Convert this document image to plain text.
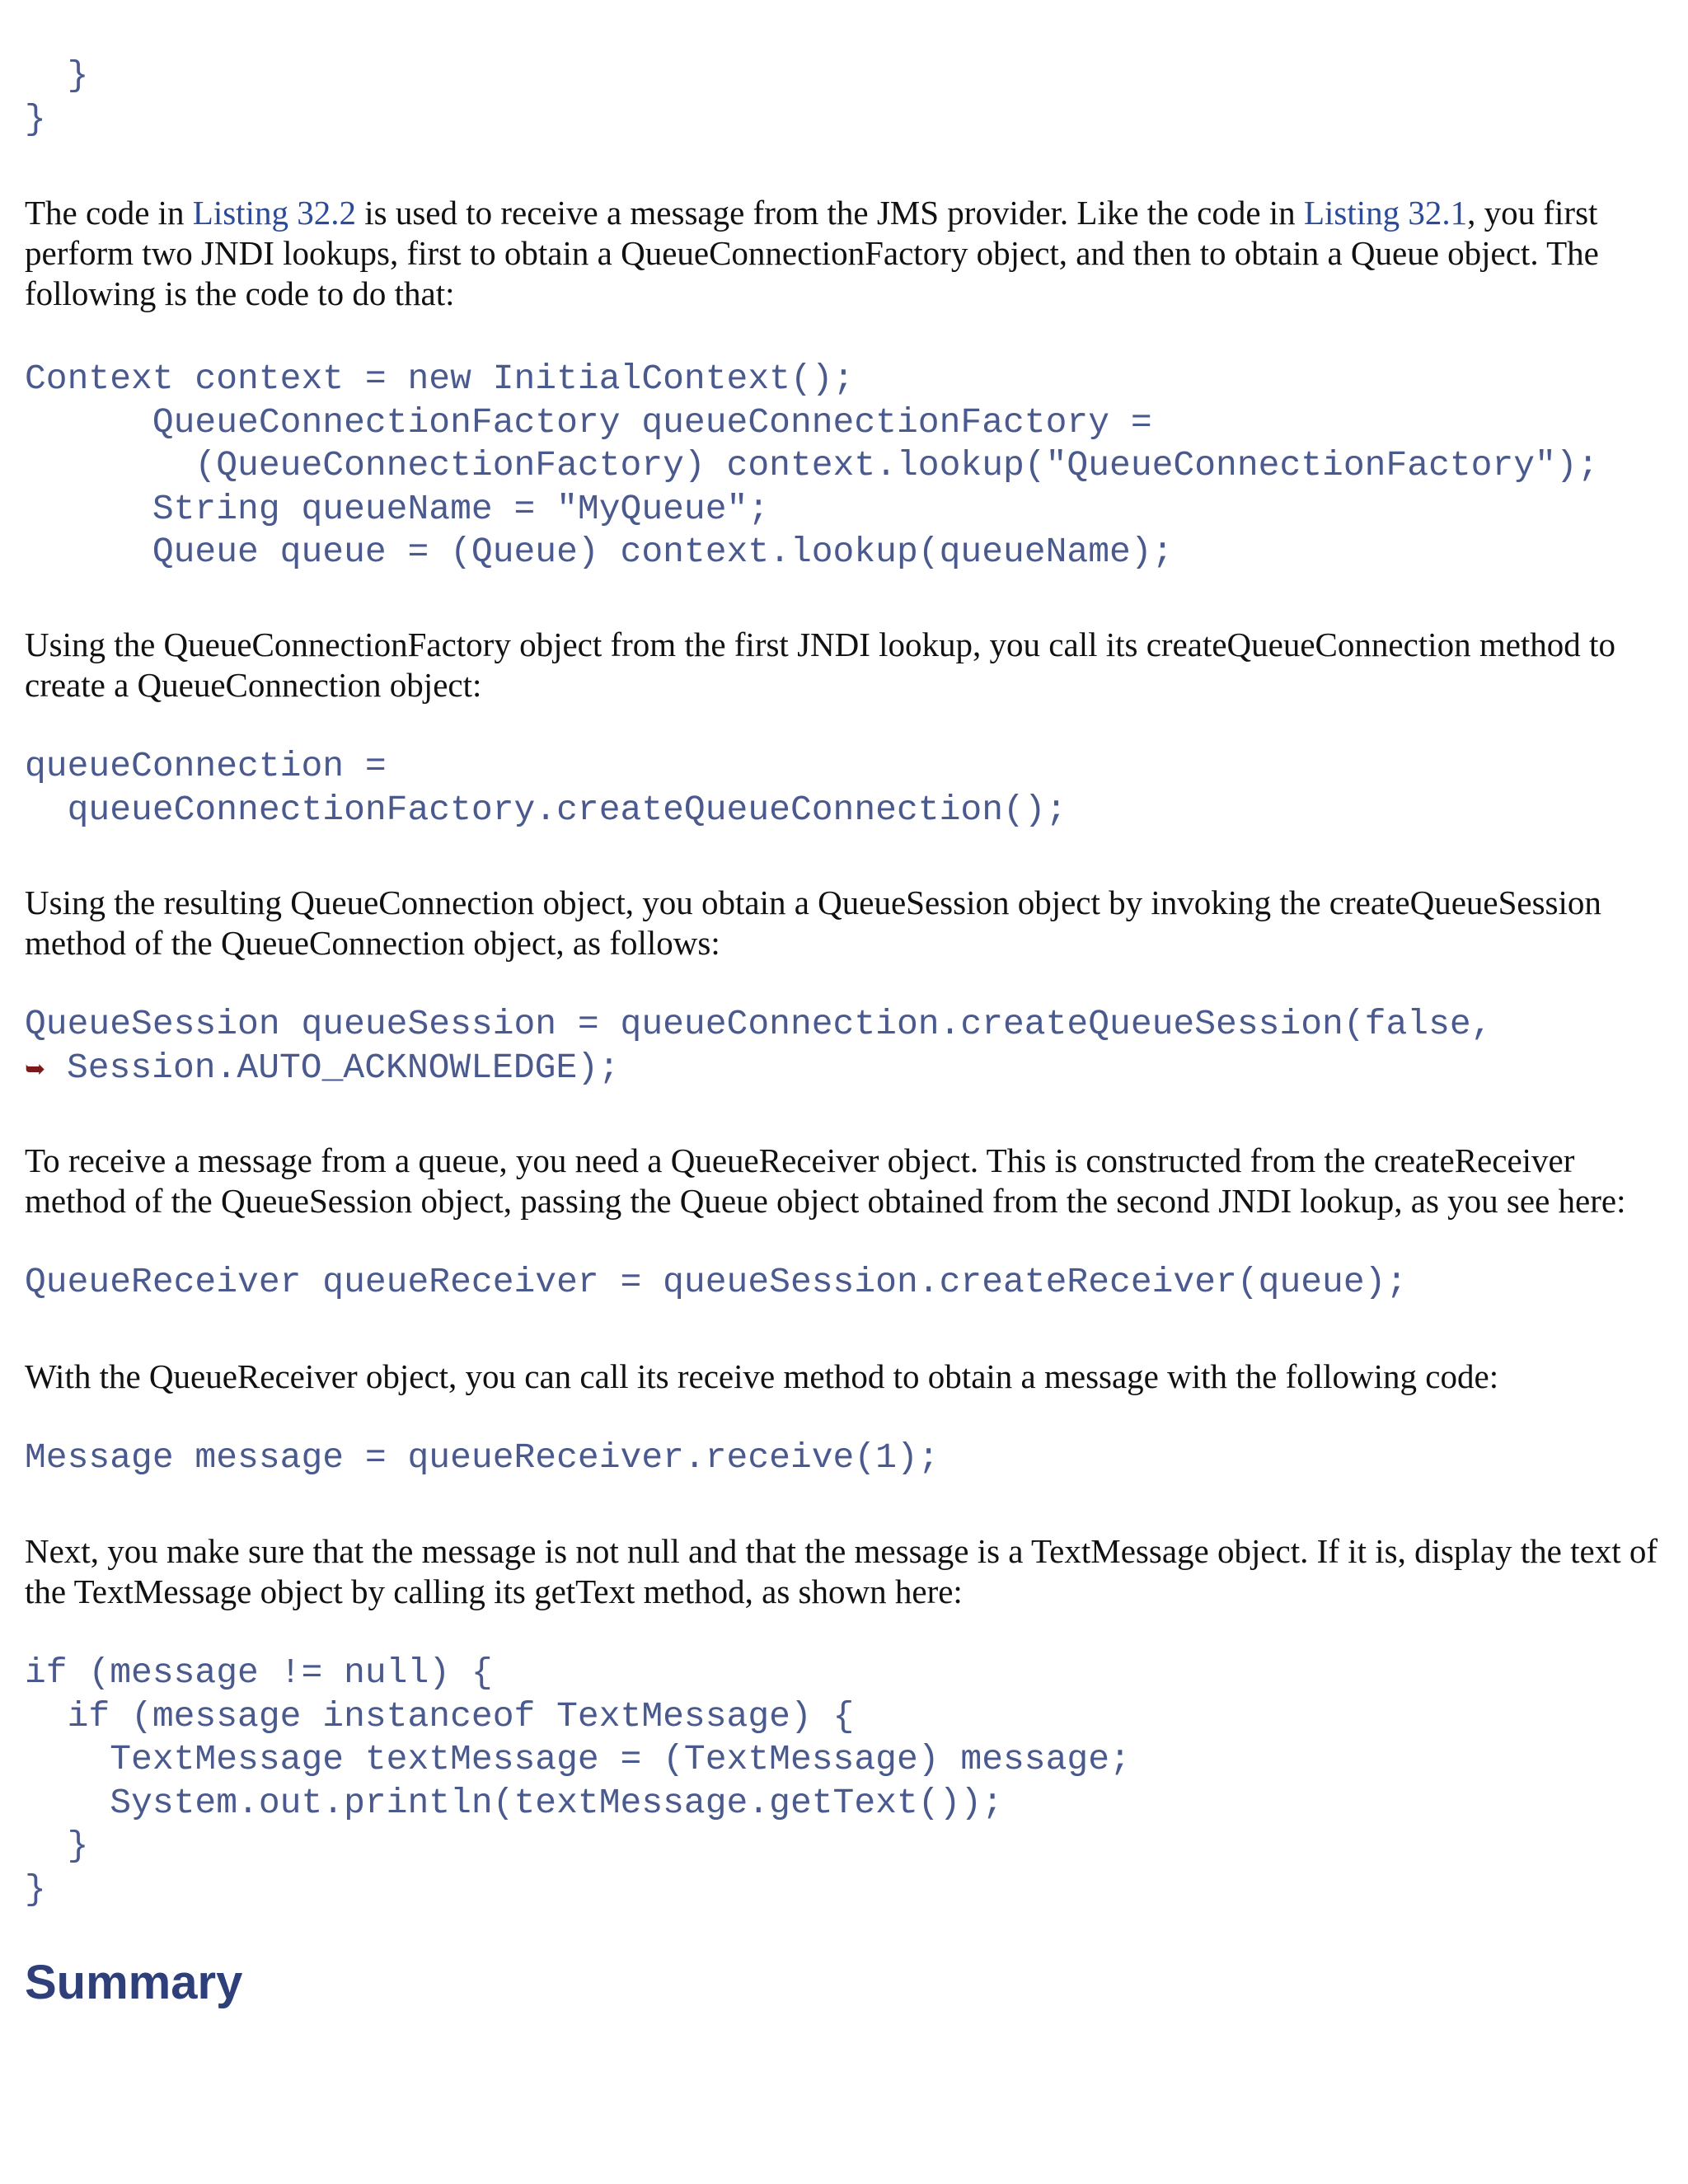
}
}

The code in Listing 32.2 is used to receive a message from the JMS provider. Like the code in Listing 32.1, you first perform two JNDI lookups, first to obtain a QueueConnectionFactory object, and then to obtain a Queue object. The following is the code to do that:

Context context = new InitialContext();
QueueConnectionFactory queueConnectionFactory =
(QueueConnectionFactory) context.lookup("QueueConnectionFactory");
String queueName = "MyQueue";
Queue queue = (Queue) context.lookup(queueName);

Using the QueueConnectionFactory object from the first JNDI lookup, you call its createQueueConnection method to create a QueueConnection object:

queueConnection =
queueConnectionFactory.createQueueConnection();

Using the resulting QueueConnection object, you obtain a QueueSession object by invoking the createQueueSession method of the QueueConnection object, as follows:

QueueSession queueSession = queueConnection.createQueueSession(false,
➥ Session.AUTO_ACKNOWLEDGE);

To receive a message from a queue, you need a QueueReceiver object. This is constructed from the createReceiver method of the QueueSession object, passing the Queue object obtained from the second JNDI lookup, as you see here:

QueueReceiver queueReceiver = queueSession.createReceiver(queue);

With the QueueReceiver object, you can call its receive method to obtain a message with the following code:

Message message = queueReceiver.receive(1);

Next, you make sure that the message is not null and that the message is a TextMessage object. If it is, display the text of the TextMessage object by calling its getText method, as shown here:

if (message != null) {
if (message instanceof TextMessage) {
TextMessage textMessage = (TextMessage) message;
System.out.println(textMessage.getText());
}
}
Summary
